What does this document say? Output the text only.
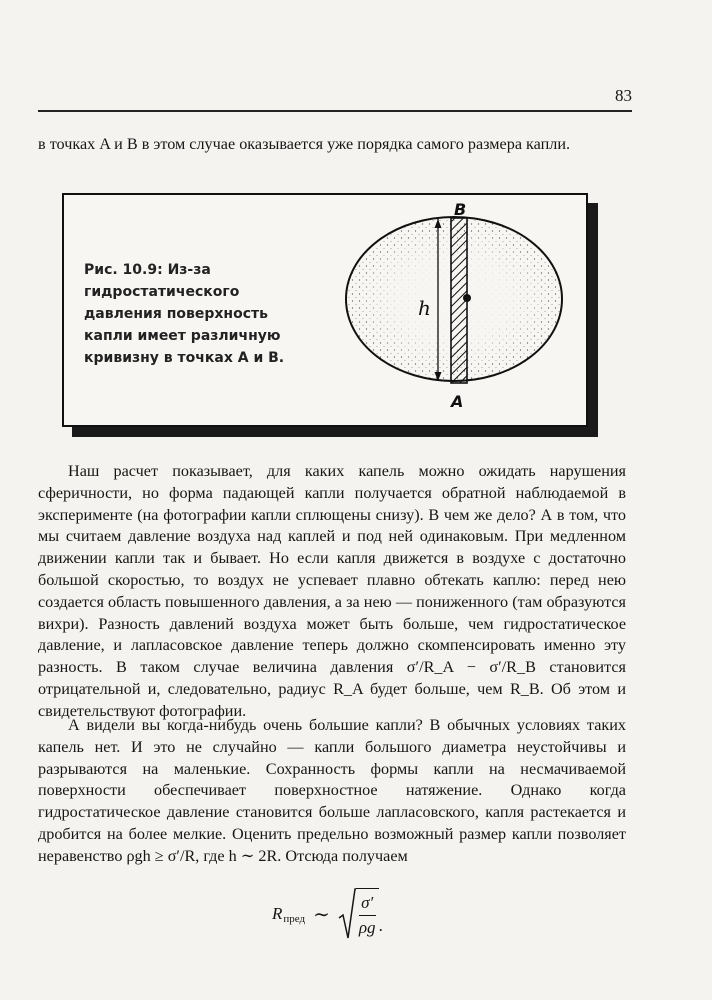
83
в точках A и B в этом случае оказывается уже порядка самого размера капли.
Рис. 10.9: Из-за гидростатического давления поверхность капли имеет различную кривизну в точках A и B.
B
A
h

Наш расчет показывает, для каких капель можно ожидать нарушения сферичности, но форма падающей капли получается обратной наблюдаемой в эксперименте (на фотографии капли сплющены снизу). В чем же дело? А в том, что мы считаем давление воздуха над каплей и под ней одинаковым. При медленном движении капли так и бывает. Но если капля движется в воздухе с достаточно большой скоростью, то воздух не успевает плавно обтекать каплю: перед нею создается область повышенного давления, а за нею — пониженного (там образуются вихри). Разность давлений воздуха может быть больше, чем гидростатическое давление, и лапласовское давление теперь должно скомпенсировать именно эту разность. В таком случае величина давления σ′/R_A − σ′/R_B становится отрицательной и, следовательно, радиус R_A будет больше, чем R_B. Об этом и свидетельствуют фотографии.

А видели вы когда-нибудь очень большие капли? В обычных условиях таких капель нет. И это не случайно — капли большого диаметра неустойчивы и разрываются на маленькие. Сохранность формы капли на несмачиваемой поверхности обеспечивает поверхностное натяжение. Однако когда гидростатическое давление становится больше лапласовского, капля растекается и дробится на более мелкие. Оценить предельно возможный размер капли позволяет неравенство ρgh ≥ σ′/R, где h ∼ 2R. Отсюда получаем

R пред ∼ $\frac{\sigma'}{\rho g}$ .
